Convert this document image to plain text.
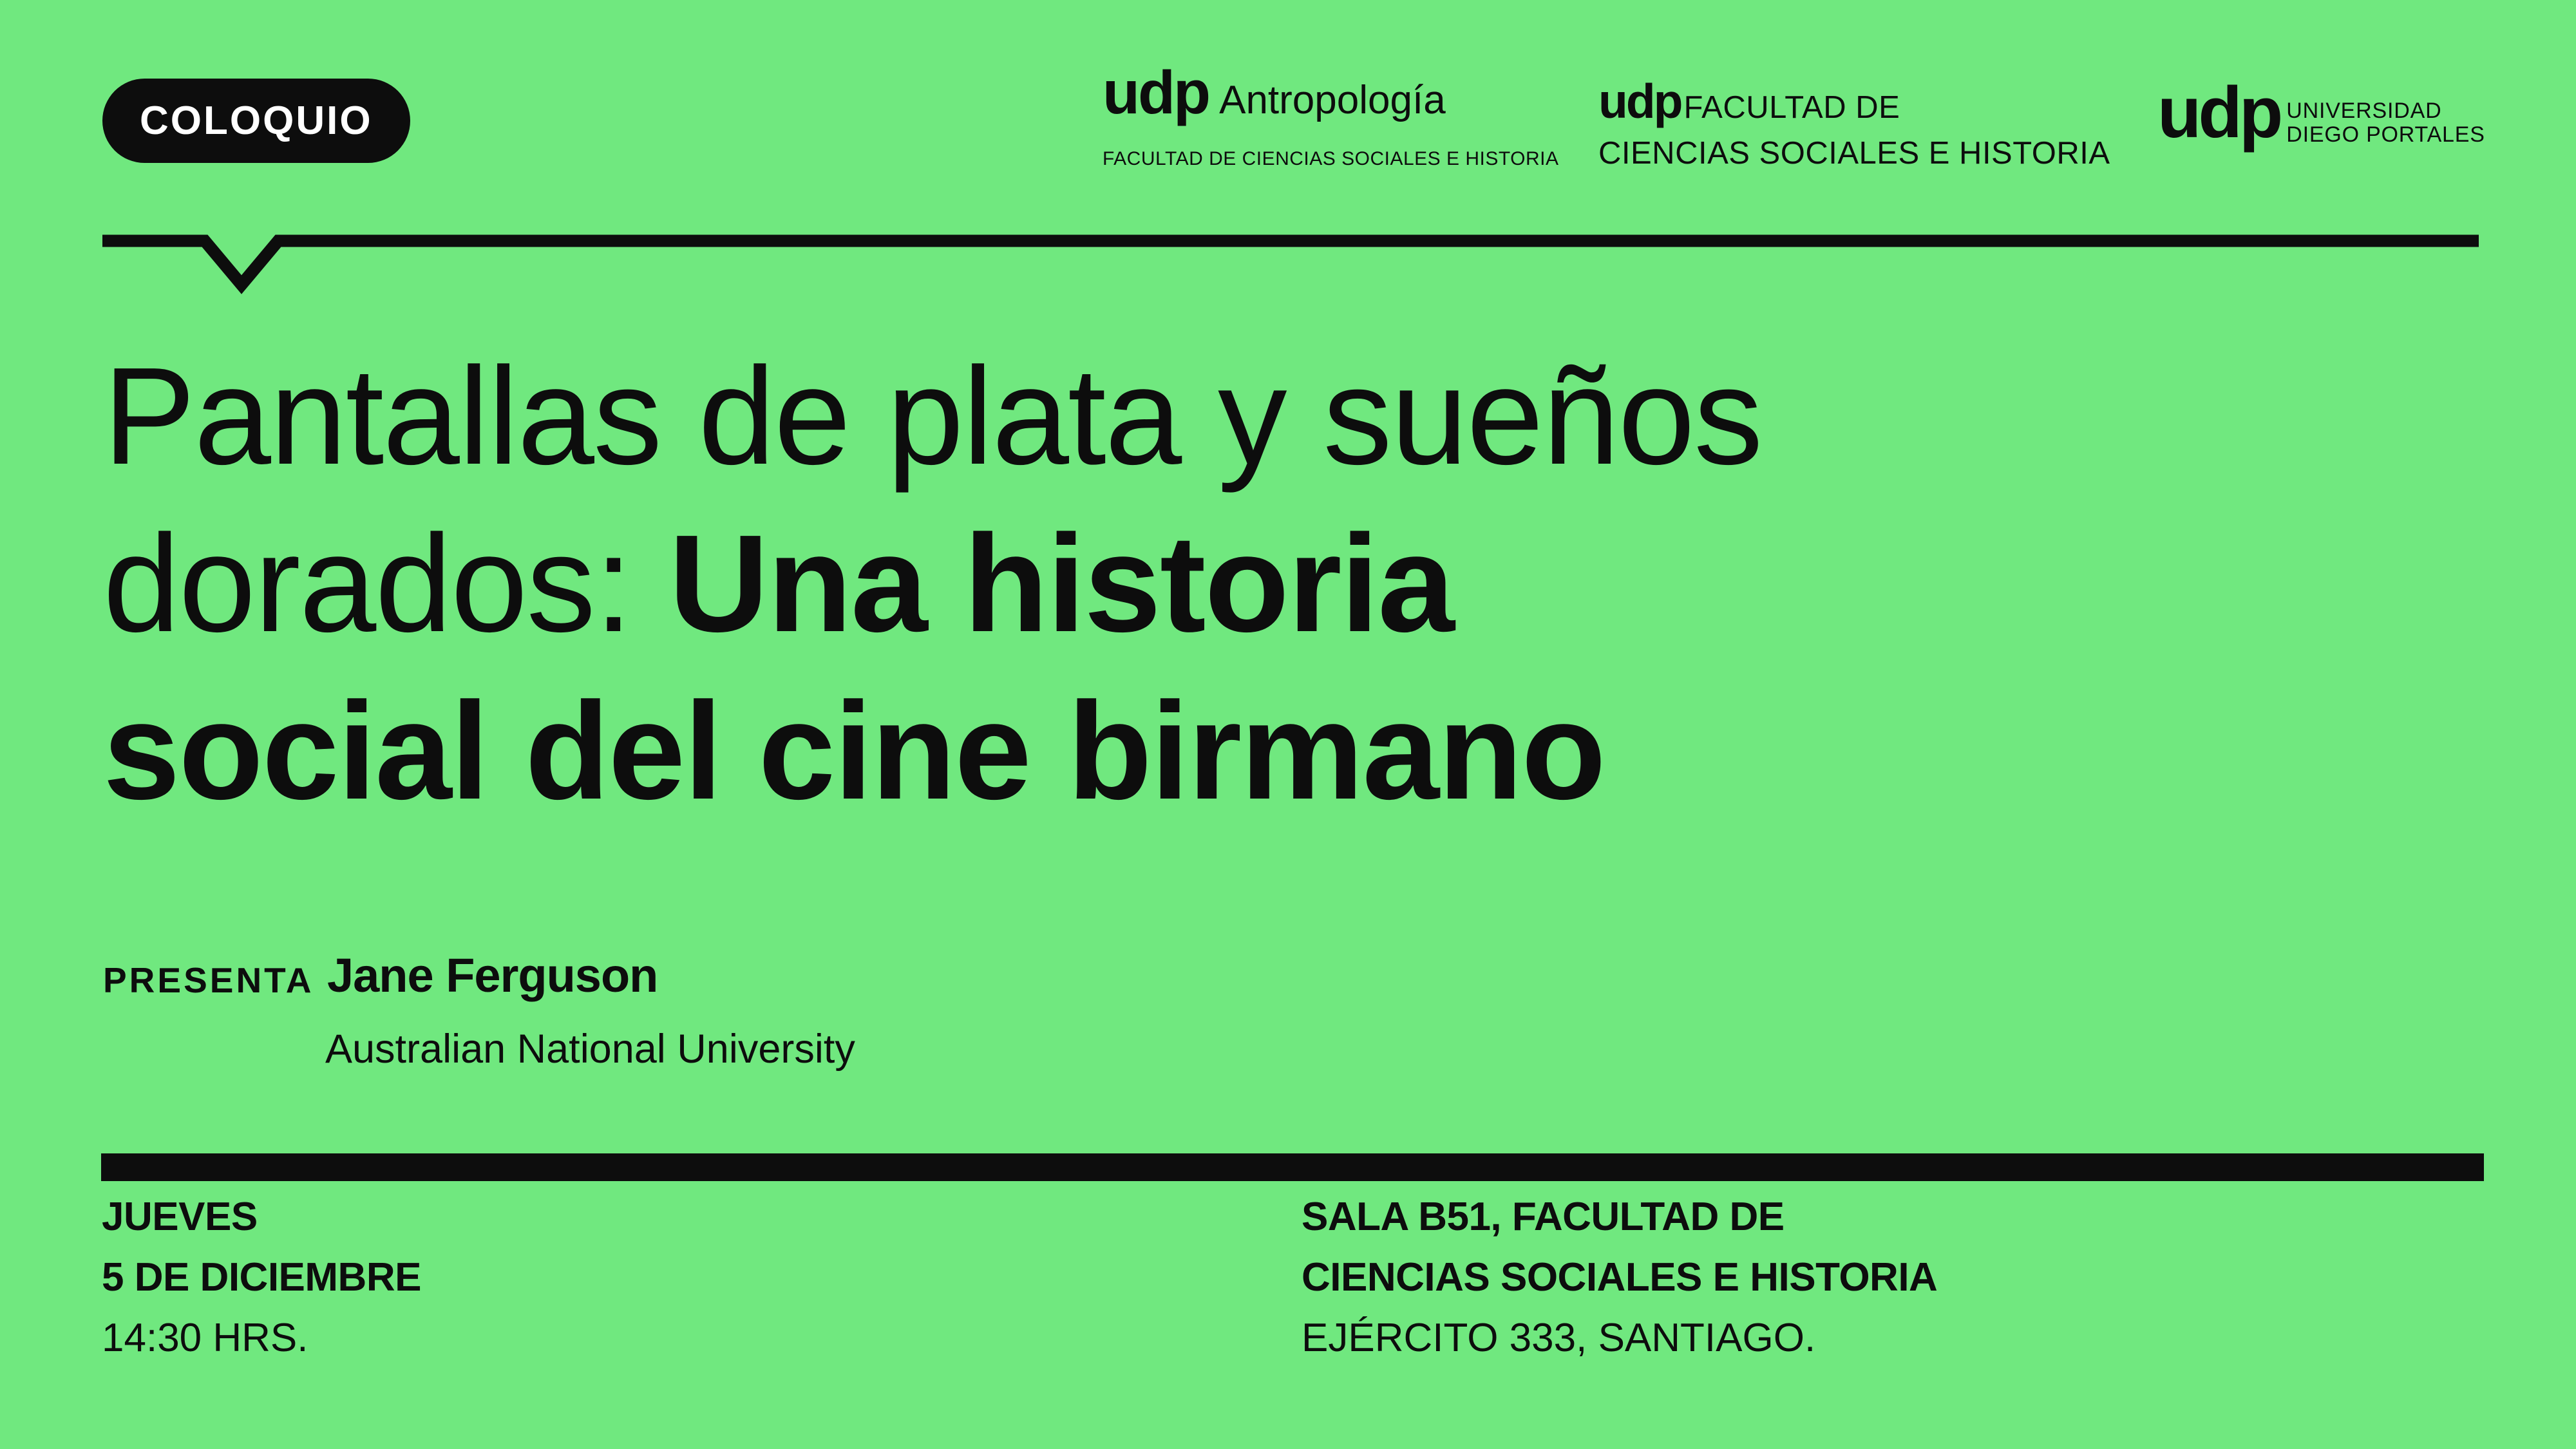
COLOQUIO	udp Antropología
FACULTAD DE CIENCIAS SOCIALES E HISTORIA
udp FACULTAD DE
CIENCIAS SOCIALES E HISTORIA
udp UNIVERSIDAD
DIEGO PORTALES
Pantallas de plata y sueños
dorados: Una historia
social del cine birmano
PRESENTA Jane Ferguson
Australian National University
JUEVES
5 DE DICIEMBRE
14:30 HRS.
SALA B51, FACULTAD DE
CIENCIAS SOCIALES E HISTORIA
EJÉRCITO 333, SANTIAGO.
